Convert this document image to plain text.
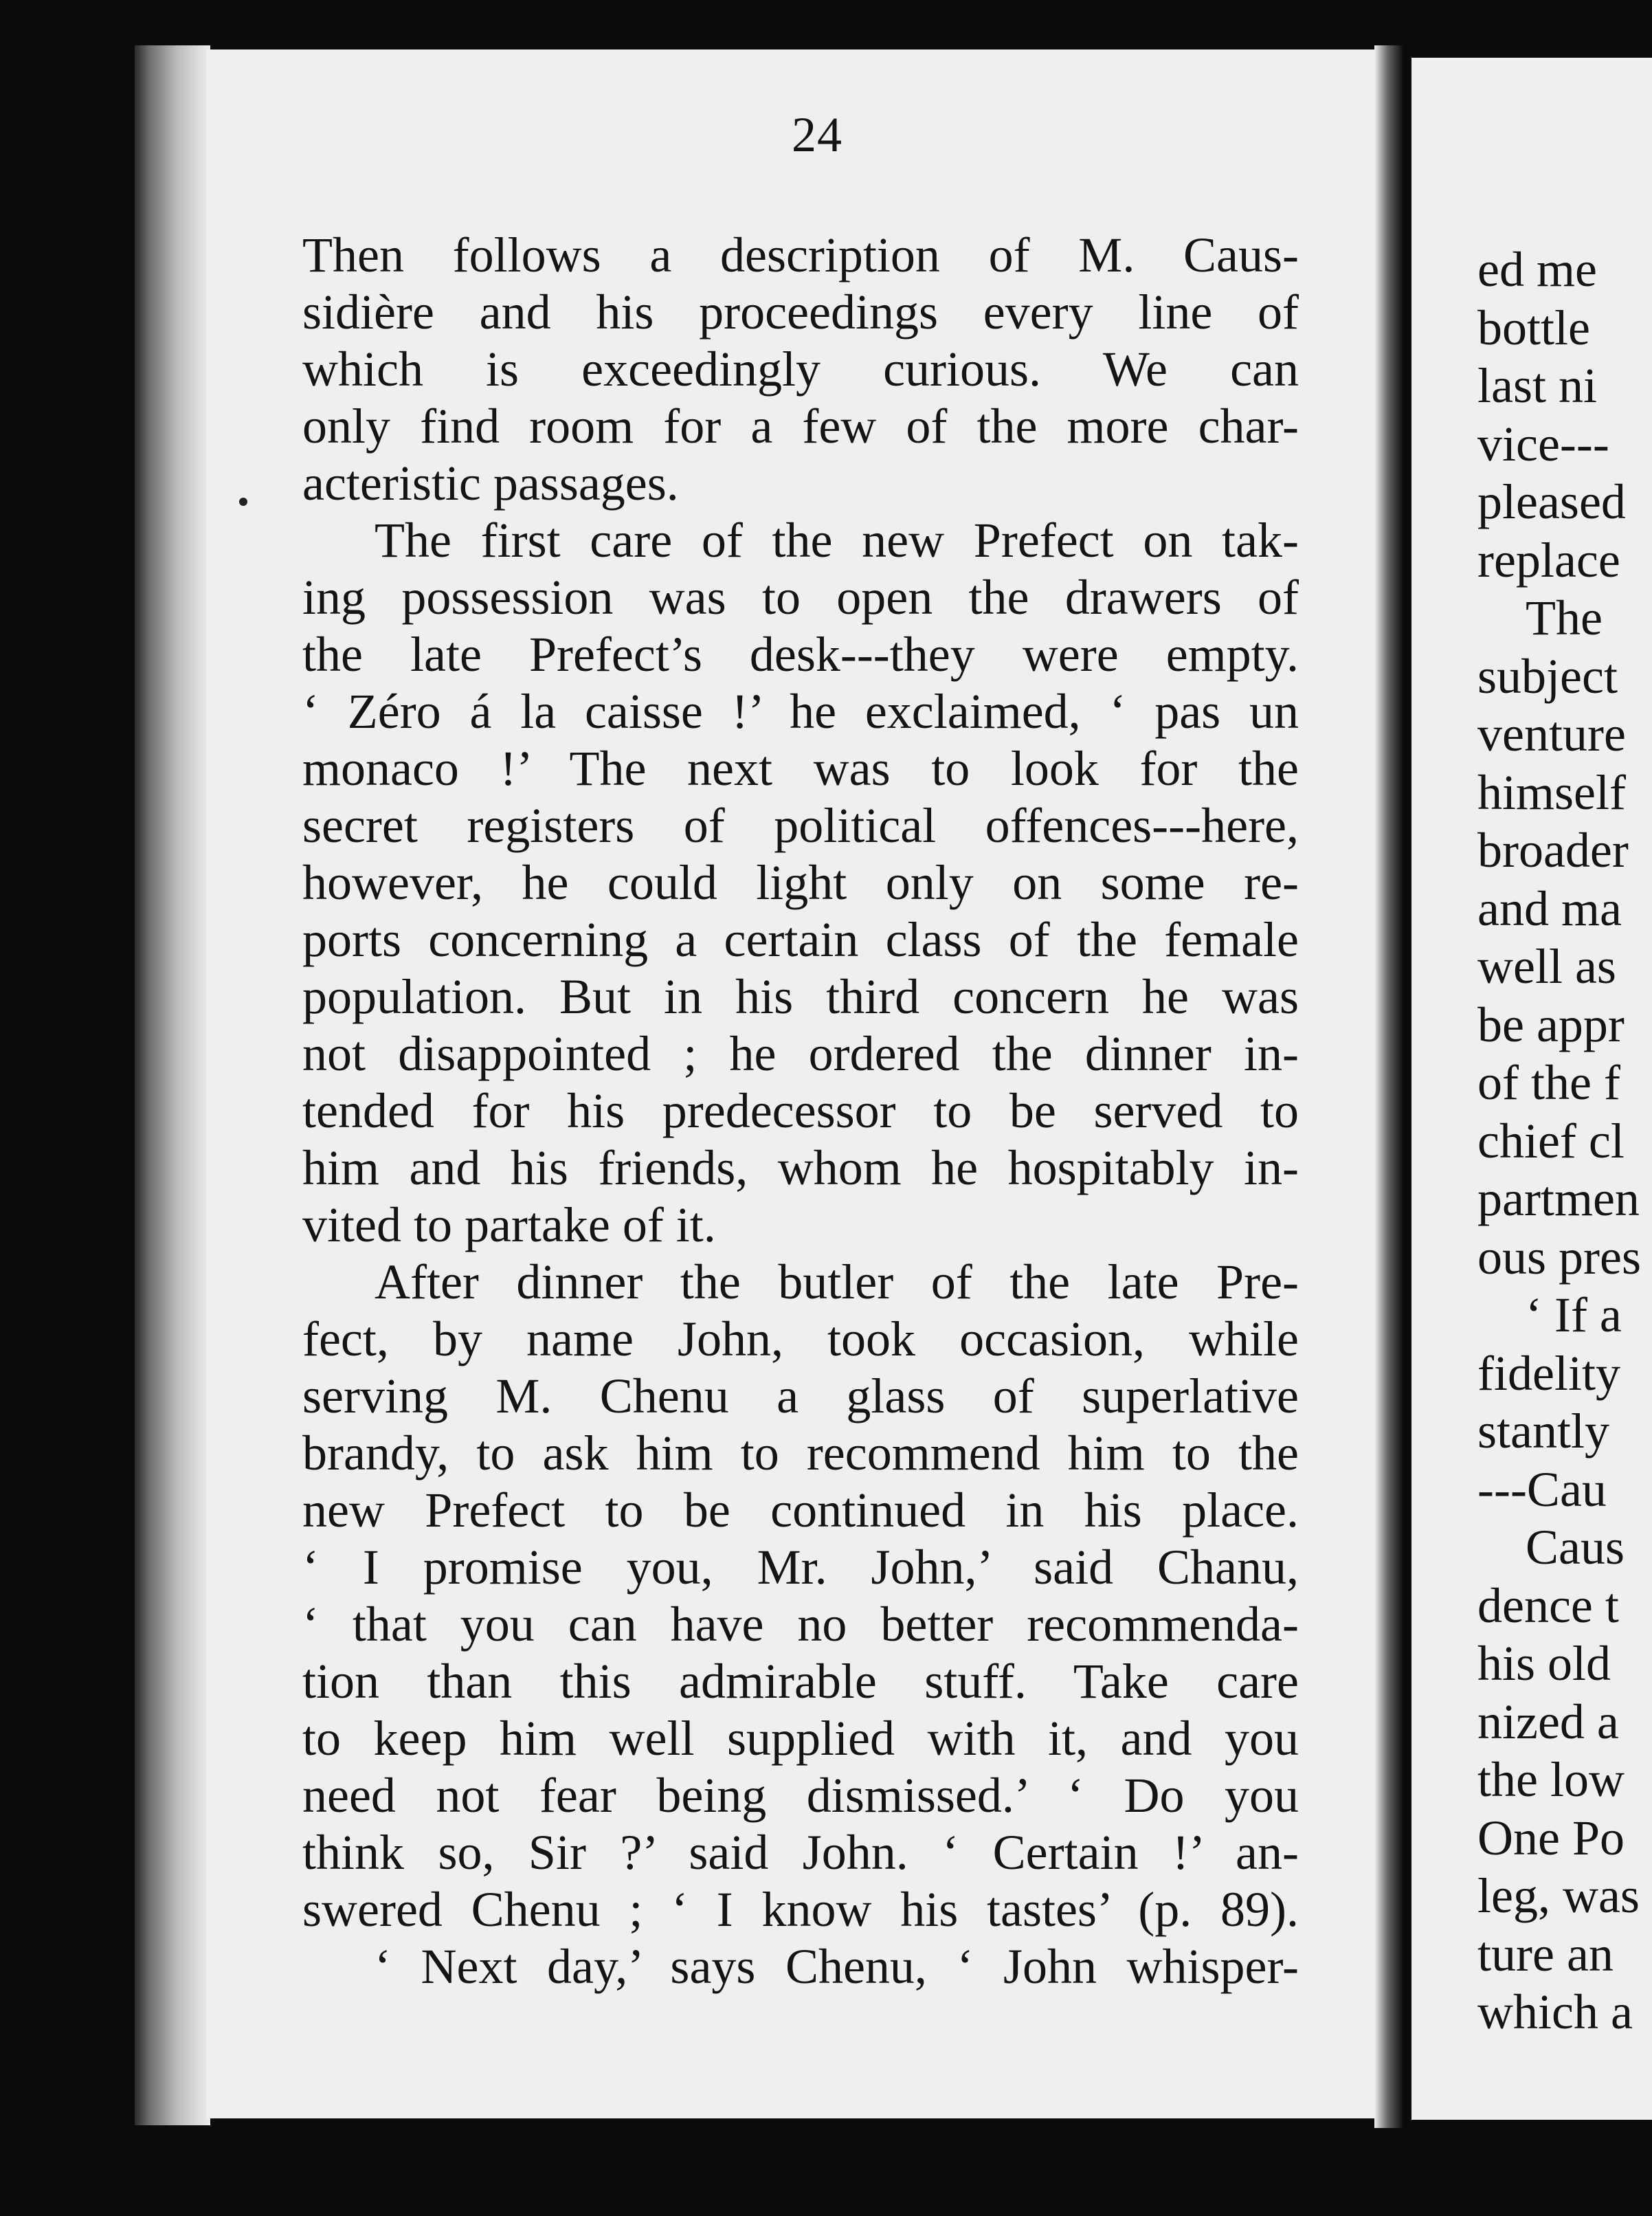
24
Then follows a description of M. Caus-
sidière and his proceedings every line of
which is exceedingly curious. We can
only find room for a few of the more char-
acteristic passages.
The first care of the new Prefect on tak-
ing possession was to open the drawers of
the late Prefect’s desk---they were empty.
‘ Zéro á la caisse !’ he exclaimed, ‘ pas un
monaco !’ The next was to look for the
secret registers of political offences---here,
however, he could light only on some re-
ports concerning a certain class of the female
population. But in his third concern he was
not disappointed ; he ordered the dinner in-
tended for his predecessor to be served to
him and his friends, whom he hospitably in-
vited to partake of it.
After dinner the butler of the late Pre-
fect, by name John, took occasion, while
serving M. Chenu a glass of superlative
brandy, to ask him to recommend him to the
new Prefect to be continued in his place.
‘ I promise you, Mr. John,’ said Chanu,
‘ that you can have no better recommenda-
tion than this admirable stuff. Take care
to keep him well supplied with it, and you
need not fear being dismissed.’ ‘ Do you
think so, Sir ?’ said John. ‘ Certain !’ an-
swered Chenu ; ‘ I know his tastes’ (p. 89).
‘ Next day,’ says Chenu, ‘ John whisper-
ed me
bottle
last ni
vice---
pleased
replace
The
subject
venture
himself
broader
and ma
well as
be appr
of the f
chief cl
partmen
ous pres
‘ If a
fidelity
stantly
---Cau
Caus
dence t
his old
nized a
the low
One Po
leg, was
ture an
which a
